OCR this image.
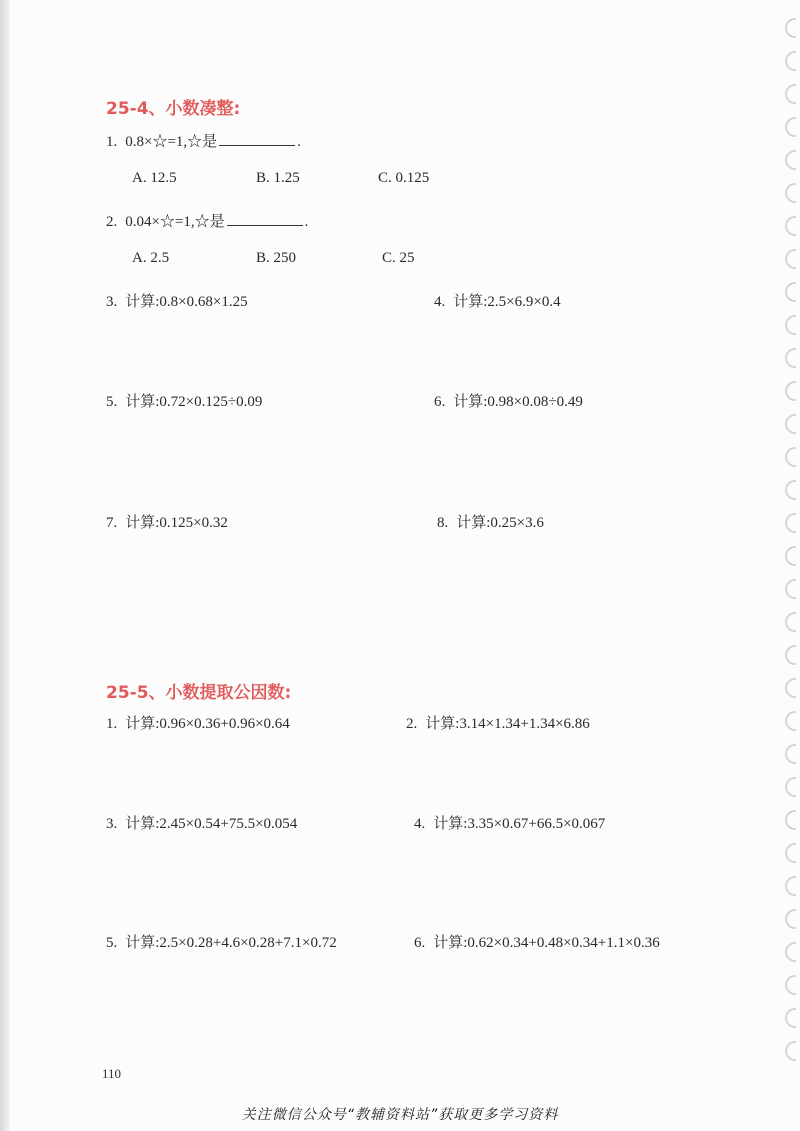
25-4、小数凑整:
1. 0.8×☆=1,☆是	.
A. 12.5	B. 1.25	C. 0.125
2. 0.04×☆=1,☆是	.
A. 2.5	B. 250	C. 25
3. 计算:0.8×0.68×1.25	4. 计算:2.5×6.9×0.4
5. 计算:0.72×0.125÷0.09	6. 计算:0.98×0.08÷0.49
7. 计算:0.125×0.32	8. 计算:0.25×3.6
25-5、小数提取公因数:
1. 计算:0.96×0.36+0.96×0.64	2. 计算:3.14×1.34+1.34×6.86
3. 计算:2.45×0.54+75.5×0.054	4. 计算:3.35×0.67+66.5×0.067
5. 计算:2.5×0.28+4.6×0.28+7.1×0.72	6. 计算:0.62×0.34+0.48×0.34+1.1×0.36
110
关注微信公众号“教辅资料站”获取更多学习资料
